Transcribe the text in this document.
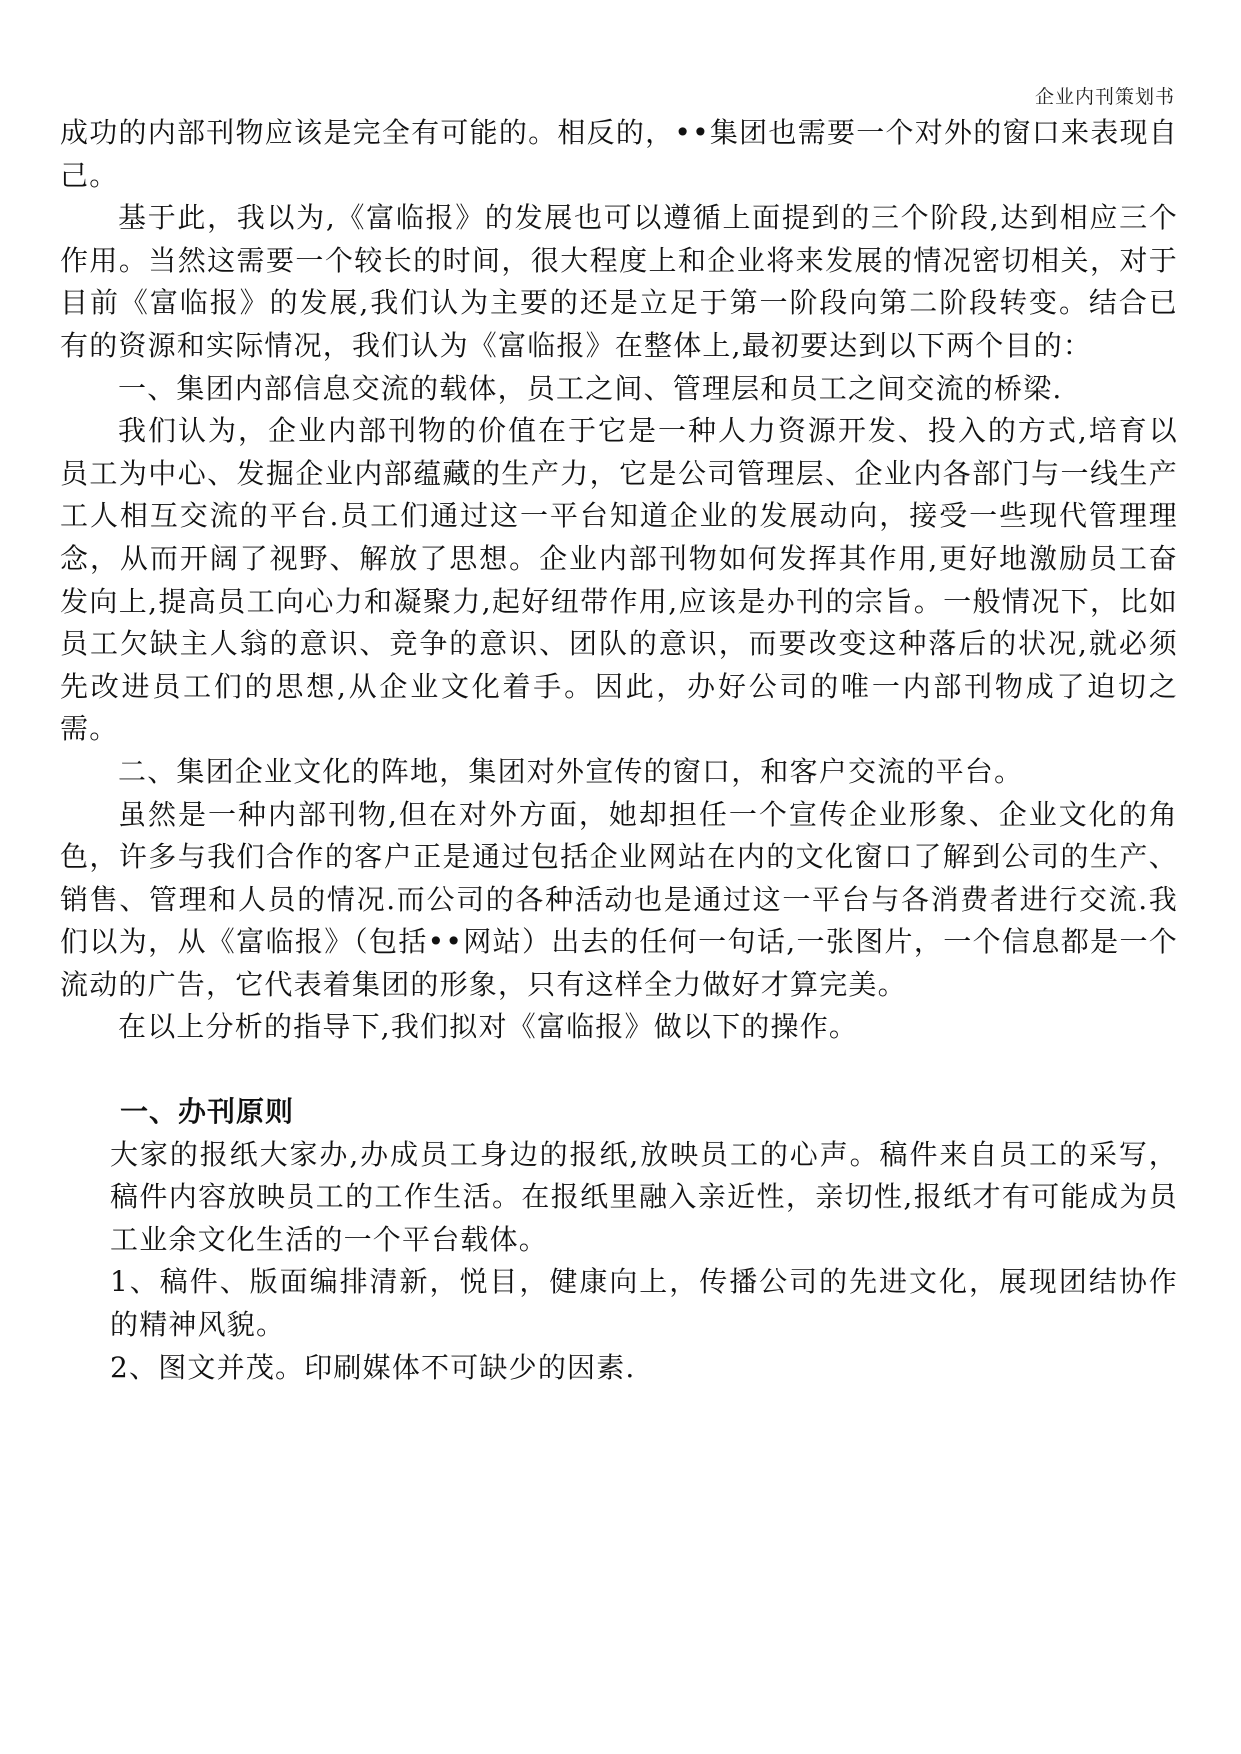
企业内刊策划书

成功的内部刊物应该是完全有可能的。相反的，••集团也需要一个对外的窗口来表现自己。

基于此，我以为,《富临报》的发展也可以遵循上面提到的三个阶段,达到相应三个作用。当然这需要一个较长的时间，很大程度上和企业将来发展的情况密切相关，对于目前《富临报》的发展,我们认为主要的还是立足于第一阶段向第二阶段转变。结合已有的资源和实际情况，我们认为《富临报》在整体上,最初要达到以下两个目的：

一、集团内部信息交流的载体，员工之间、管理层和员工之间交流的桥梁.

我们认为，企业内部刊物的价值在于它是一种人力资源开发、投入的方式,培育以员工为中心、发掘企业内部蕴藏的生产力，它是公司管理层、企业内各部门与一线生产工人相互交流的平台.员工们通过这一平台知道企业的发展动向，接受一些现代管理理念，从而开阔了视野、解放了思想。企业内部刊物如何发挥其作用,更好地激励员工奋发向上,提高员工向心力和凝聚力,起好纽带作用,应该是办刊的宗旨。一般情况下，比如员工欠缺主人翁的意识、竞争的意识、团队的意识，而要改变这种落后的状况,就必须先改进员工们的思想,从企业文化着手。因此，办好公司的唯一内部刊物成了迫切之需。

二、集团企业文化的阵地，集团对外宣传的窗口，和客户交流的平台。

虽然是一种内部刊物,但在对外方面，她却担任一个宣传企业形象、企业文化的角色，许多与我们合作的客户正是通过包括企业网站在内的文化窗口了解到公司的生产、销售、管理和人员的情况.而公司的各种活动也是通过这一平台与各消费者进行交流.我们以为，从《富临报》（包括••网站）出去的任何一句话,一张图片，一个信息都是一个流动的广告，它代表着集团的形象，只有这样全力做好才算完美。

在以上分析的指导下,我们拟对《富临报》做以下的操作。

一、办刊原则

大家的报纸大家办,办成员工身边的报纸,放映员工的心声。稿件来自员工的采写，稿件内容放映员工的工作生活。在报纸里融入亲近性，亲切性,报纸才有可能成为员工业余文化生活的一个平台载体。

1、稿件、版面编排清新，悦目，健康向上，传播公司的先进文化，展现团结协作的精神风貌。

2、图文并茂。印刷媒体不可缺少的因素.
